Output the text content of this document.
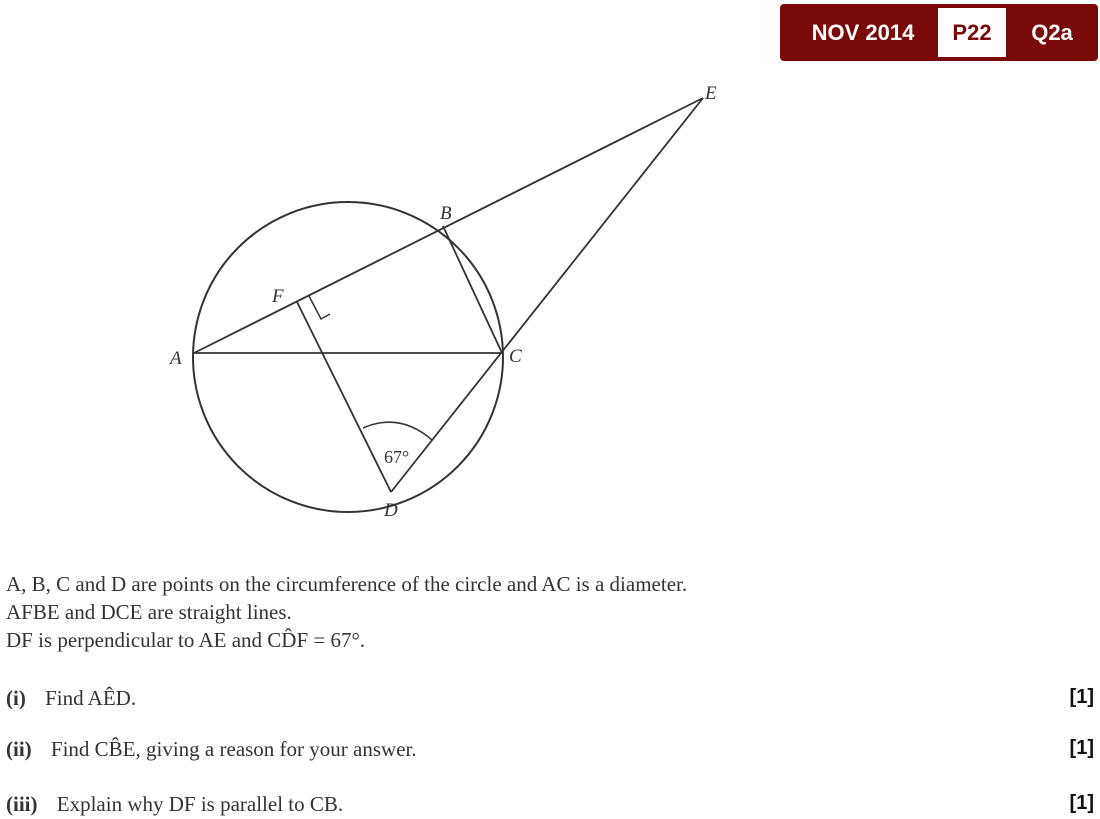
NOV 2014	P22	Q2a
E
B
F
A	C
D
67°
A, B, C and D are points on the circumference of the circle and AC is a diameter.
AFBE and DCE are straight lines.
DF is perpendicular to AE and CD̂F = 67°.
(i) Find AÊD.	[1]
(ii) Find CB̂E, giving a reason for your answer.	[1]
(iii) Explain why DF is parallel to CB.	[1]
